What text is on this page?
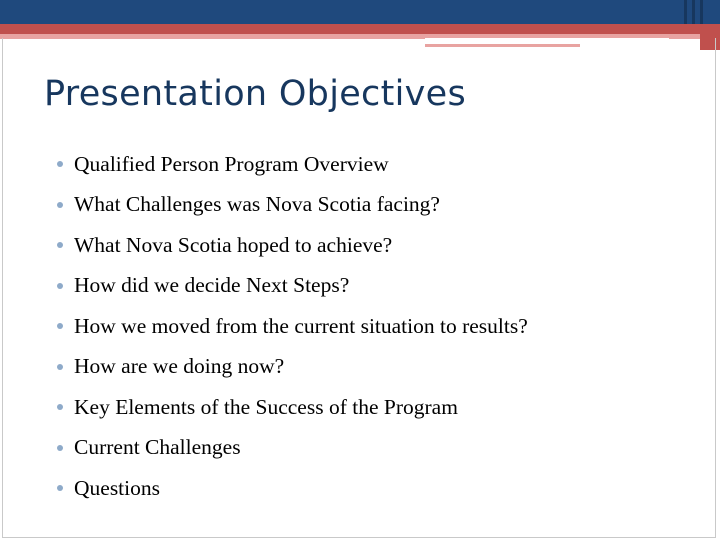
Presentation Objectives
Qualified Person Program Overview
What Challenges was Nova Scotia facing?
What Nova Scotia hoped to achieve?
How did we decide Next Steps?
How we moved from the current situation to results?
How are we doing now?
Key Elements of the Success of the Program
Current Challenges
Questions
